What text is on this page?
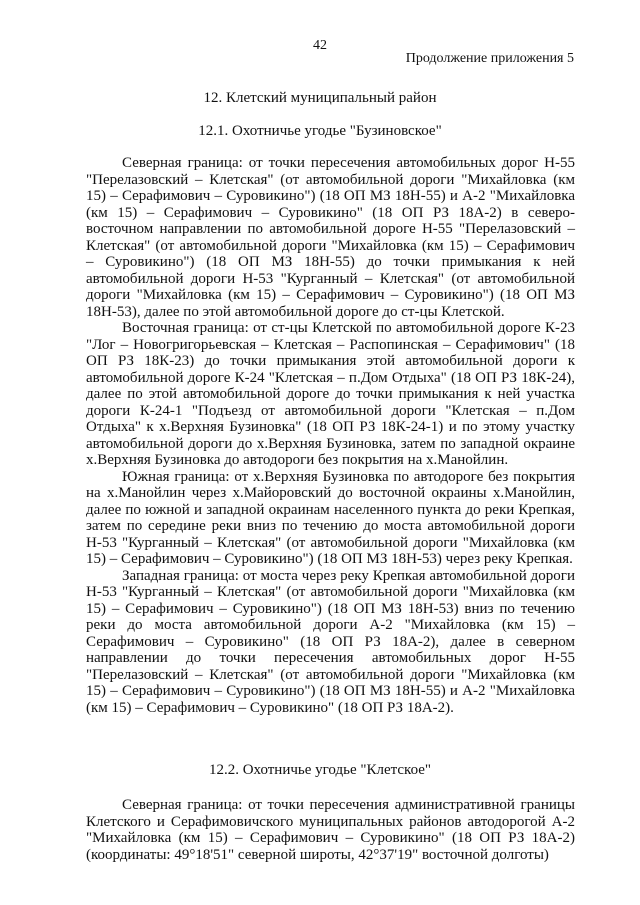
42
Продолжение приложения 5
12. Клетский муниципальный район
12.1. Охотничье угодье "Бузиновское"

Северная граница: от точки пересечения автомобильных дорог Н-55 "Перелазовский – Клетская" (от автомобильной дороги "Михайловка (км 15) – Серафимович – Суровикино") (18 ОП МЗ 18Н-55) и А-2 "Михайловка (км 15) – Серафимович – Суровикино" (18 ОП РЗ 18А-2) в северо-восточном направлении по автомобильной дороге Н-55 "Перелазовский – Клетская" (от автомобильной дороги "Михайловка (км 15) – Серафимович – Суровикино") (18 ОП МЗ 18Н-55) до точки примыкания к ней автомобильной дороги Н-53 "Курганный – Клетская" (от автомобильной дороги "Михайловка (км 15) – Серафимович – Суровикино") (18 ОП МЗ 18Н-53), далее по этой автомобильной дороге до ст-цы Клетской.

Восточная граница: от ст-цы Клетской по автомобильной дороге К-23 "Лог – Новогригорьевская – Клетская – Распопинская – Серафимович" (18 ОП РЗ 18К-23) до точки примыкания этой автомобильной дороги к автомобильной дороге К-24 "Клетская – п.Дом Отдыха" (18 ОП РЗ 18К-24), далее по этой автомобильной дороге до точки примыкания к ней участка дороги К-24-1 "Подъезд от автомобильной дороги "Клетская – п.Дом Отдыха" к х.Верхняя Бузиновка" (18 ОП РЗ 18К-24-1) и по этому участку автомобильной дороги до х.Верхняя Бузиновка, затем по западной окраине х.Верхняя Бузиновка до автодороги без покрытия на х.Манойлин.

Южная граница: от х.Верхняя Бузиновка по автодороге без покрытия на х.Манойлин через х.Майоровский до восточной окраины х.Манойлин, далее по южной и западной окраинам населенного пункта до реки Крепкая, затем по середине реки вниз по течению до моста автомобильной дороги Н-53 "Курганный – Клетская" (от автомобильной дороги "Михайловка (км 15) – Серафимович – Суровикино") (18 ОП МЗ 18Н-53) через реку Крепкая.

Западная граница: от моста через реку Крепкая автомобильной дороги Н-53 "Курганный – Клетская" (от автомобильной дороги "Михайловка (км 15) – Серафимович – Суровикино") (18 ОП МЗ 18Н-53) вниз по течению реки до моста автомобильной дороги А-2 "Михайловка (км 15) – Серафимович – Суровикино" (18 ОП РЗ 18А-2), далее в северном направлении до точки пересечения автомобильных дорог Н-55 "Перелазовский – Клетская" (от автомобильной дороги "Михайловка (км 15) – Серафимович – Суровикино") (18 ОП МЗ 18Н-55) и А-2 "Михайловка (км 15) – Серафимович – Суровикино" (18 ОП РЗ 18А-2).

12.2. Охотничье угодье "Клетское"

Северная граница: от точки пересечения административной границы Клетского и Серафимовичского муниципальных районов автодорогой А-2 "Михайловка (км 15) – Серафимович – Суровикино" (18 ОП РЗ 18А-2) (координаты: 49°18'51" северной широты, 42°37'19" восточной долготы)
